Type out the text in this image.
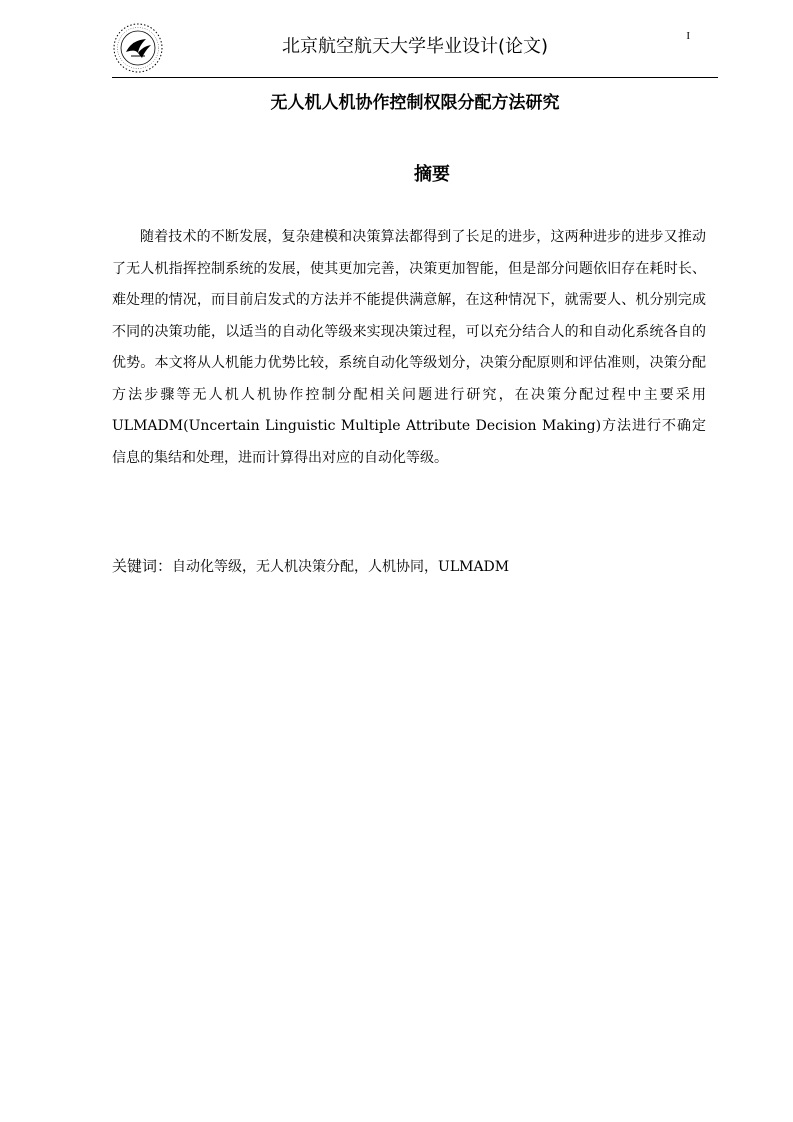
北京航空航天大学毕业设计(论文)	I
无人机人机协作控制权限分配方法研究
摘要

随着技术的不断发展，复杂建模和决策算法都得到了长足的进步，这两种进步的进步又推动了无人机指挥控制系统的发展，使其更加完善，决策更加智能，但是部分问题依旧存在耗时长、难处理的情况，而目前启发式的方法并不能提供满意解，在这种情况下，就需要人、机分别完成不同的决策功能，以适当的自动化等级来实现决策过程，可以充分结合人的和自动化系统各自的优势。本文将从人机能力优势比较，系统自动化等级划分，决策分配原则和评估准则，决策分配方法步骤等无人机人机协作控制分配相关问题进行研究，在决策分配过程中主要采用ULMADM(Uncertain Linguistic Multiple Attribute Decision Making)方法进行不确定信息的集结和处理，进而计算得出对应的自动化等级。

关键词：自动化等级，无人机决策分配，人机协同，ULMADM
